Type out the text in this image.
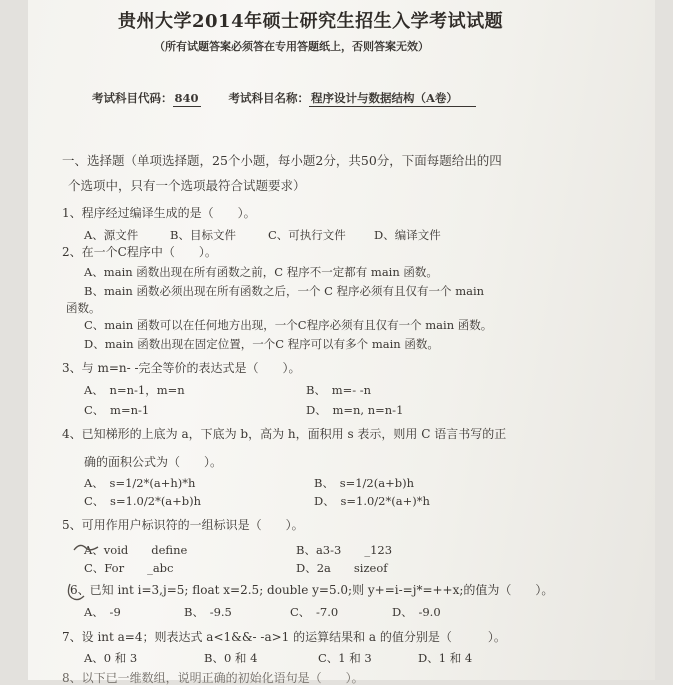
贵州大学2014年硕士研究生招生入学考试试题
（所有试题答案必须答在专用答题纸上，否则答案无效）
考试科目代码： 840	考试科目名称： 程序设计与数据结构（A卷）
一、选择题（单项选择题，25个小题，每小题2分，共50分，下面每题给出的四
个选项中，只有一个选项最符合试题要求）
1、程序经过编译生成的是（　　）。
A、源文件	B、目标文件	C、可执行文件 D、编译文件
2、在一个C程序中（　　）。
A、main 函数出现在所有函数之前，C 程序不一定都有 main 函数。
B、main 函数必须出现在所有函数之后，一个 C 程序必须有且仅有一个 main
函数。
C、main 函数可以在任何地方出现，一个C程序必须有且仅有一个 main 函数。
D、main 函数出现在固定位置，一个C 程序可以有多个 main 函数。
3、与 m=n- -完全等价的表达式是（　　）。
A、　n=n-1，m=n	B、　m=- -n
C、　m=n-1	D、　m=n, n=n-1
4、已知梯形的上底为 a，下底为 b，高为 h，面积用 s 表示，则用 C 语言书写的正
确的面积公式为（　　）。
A、　s=1/2*(a+h)*h	B、　s=1/2(a+b)h
C、　s=1.0/2*(a+b)h	D、　s=1.0/2*(a+)*h
5、可用作用户标识符的一组标识是（　　）。
A、void　　define	B、a3-3　　_123
C、For　　_abc	D、2a　　sizeof
6、已知 int i=3,j=5; float x=2.5; double y=5.0;则 y+=i-=j*=++x;的值为（　　）。
A、　-9	B、　-9.5	C、　-7.0	D、　-9.0
7、设 int a=4；则表达式 a<1&&- -a>1 的运算结果和 a 的值分别是（　　　）。
A、0 和 3	B、0 和 4	C、1 和 3	D、1 和 4
8、以下已一维数组，说明正确的初始化语句是（　　）。
